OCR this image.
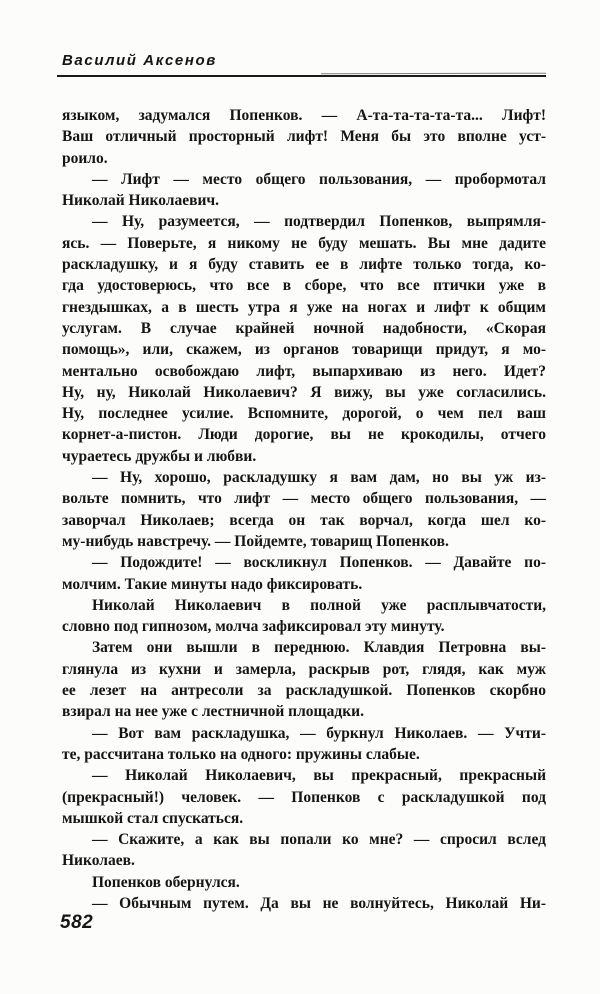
Василий Аксенов
языком, задумался Попенков. — А-та-та-та-та-та... Лифт!
Ваш отличный просторный лифт! Меня бы это вполне уст-
роило.
— Лифт — место общего пользования, — пробормотал
Николай Николаевич.
— Ну, разумеется, — подтвердил Попенков, выпрямля-
ясь. — Поверьте, я никому не буду мешать. Вы мне дадите
раскладушку, и я буду ставить ее в лифте только тогда, ко-
гда удостоверюсь, что все в сборе, что все птички уже в
гнездышках, а в шесть утра я уже на ногах и лифт к общим
услугам. В случае крайней ночной надобности, «Скорая
помощь», или, скажем, из органов товарищи придут, я мо-
ментально освобождаю лифт, выпархиваю из него. Идет?
Ну, ну, Николай Николаевич? Я вижу, вы уже согласились.
Ну, последнее усилие. Вспомните, дорогой, о чем пел ваш
корнет-а-пистон. Люди дорогие, вы не крокодилы, отчего
чураетесь дружбы и любви.
— Ну, хорошо, раскладушку я вам дам, но вы уж из-
вольте помнить, что лифт — место общего пользования, —
заворчал Николаев; всегда он так ворчал, когда шел ко-
му-нибудь навстречу. — Пойдемте, товарищ Попенков.
— Подождите! — воскликнул Попенков. — Давайте по-
молчим. Такие минуты надо фиксировать.
Николай Николаевич в полной уже расплывчатости,
словно под гипнозом, молча зафиксировал эту минуту.
Затем они вышли в переднюю. Клавдия Петровна вы-
глянула из кухни и замерла, раскрыв рот, глядя, как муж
ее лезет на антресоли за раскладушкой. Попенков скорбно
взирал на нее уже с лестничной площадки.
— Вот вам раскладушка, — буркнул Николаев. — Учти-
те, рассчитана только на одного: пружины слабые.
— Николай Николаевич, вы прекрасный, прекрасный
(прекрасный!) человек. — Попенков с раскладушкой под
мышкой стал спускаться.
— Скажите, а как вы попали ко мне? — спросил вслед
Николаев.
Попенков обернулся.
— Обычным путем. Да вы не волнуйтесь, Николай Ни-
582
